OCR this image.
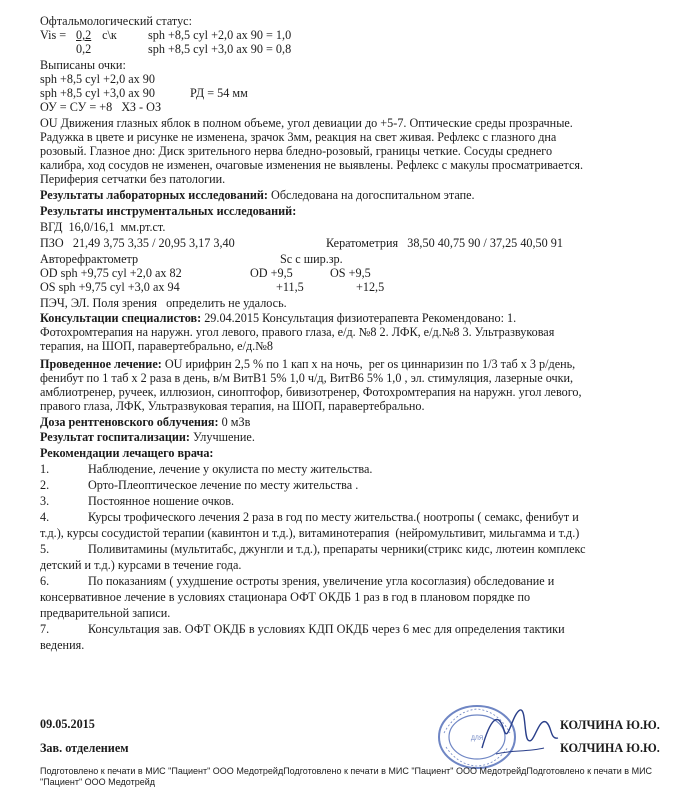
Офтальмологический статус:
Vis = 0,2 с\к	sph +8,5 cyl +2,0 ax 90 = 1,0
0,2	sph +8,5 cyl +3,0 ax 90 = 0,8
Выписаны очки:
sph +8,5 cyl +2,0 ax 90
sph +8,5 cyl +3,0 ax 90	РД = 54 мм
ОУ = СУ = +8   ХЗ - ОЗ
OU Движения глазных яблок в полном объеме, угол девиации до +5-7. Оптические среды прозрачные.
Радужка в цвете и рисунке не изменена, зрачок 3мм, реакция на свет живая. Рефлекс с глазного дна
розовый. Глазное дно: Диск зрительного нерва бледно-розовый, границы четкие. Сосуды среднего
калибра, ход сосудов не изменен, очаговые изменения не выявлены. Рефлекс с макулы просматривается.
Периферия сетчатки без патологии.
Результаты лабораторных исследований: Обследована на догоспитальном этапе.
Результаты инструментальных исследований:
ВГД  16,0/16,1  мм.рт.ст.
ПЗО   21,49 3,75 3,35 / 20,95 3,17 3,40	Кератометрия   38,50 40,75 90 / 37,25 40,50 91
Авторефрактометр	Sc с шир.зр.
OD sph +9,75 cyl +2,0 ax 82	OD +9,5	OS +9,5
OS sph +9,75 cyl +3,0 ax 94	+11,5	+12,5
ПЭЧ, ЭЛ. Поля зрения   определить не удалось.
Консультации специалистов: 29.04.2015 Консультация физиотерапевта Рекомендовано: 1.
Фотохромтерапия на наружн. угол левого, правого глаза, е/д. №8 2. ЛФК, е/д.№8 3. Ультразвуковая
терапия, на ШОП, паравертебрально, е/д.№8
Проведенное лечение: OU ирифрин 2,5 % по 1 кап х на ночь,  per os циннаризин по 1/3 таб х 3 р/день,
фенибут по 1 таб х 2 раза в день, в/м ВитВ1 5% 1,0 ч/д, ВитВ6 5% 1,0 , эл. стимуляция, лазерные очки,
амблиотренер, ручеек, иллюзион, синоптофор, бивизотренер, Фотохромтерапия на наружн. угол левого,
правого глаза, ЛФК, Ультразвуковая терапия, на ШОП, паравертебрально.
Доза рентгеновского облучения: 0 мЗв
Результат госпитализации: Улучшение.
Рекомендации лечащего врача:
1.	Наблюдение, лечение у окулиста по месту жительства.
2.	Орто-Плеоптическое лечение по месту жительства .
3.	Постоянное ношение очков.
4.	Курсы трофического лечения 2 раза в год по месту жительства.( ноотропы ( семакс, фенибут и
т.д.), курсы сосудистой терапии (кавинтон и т.д.), витаминотерапия  (нейромультивит, мильгамма и т.д.)
5.	Поливитамины (мультитабс, джунгли и т.д.), препараты черники(стрикс кидс, лютеин комплекс
детский и т.д.) курсами в течение года.
6.	По показаниям ( ухудшение остроты зрения, увеличение угла косоглазия) обследование и
консервативное лечение в условиях стационара ОФТ ОКДБ 1 раз в год в плановом порядке по
предварительной записи.
7.	Консультация зав. ОФТ ОКДБ в условиях КДП ОКДБ через 6 мес для определения тактики
ведения.
09.05.2015
Зав. отделением
ДЛЯ
КОЛЧИНА Ю.Ю.
КОЛЧИНА Ю.Ю.
Подготовлено к печати в МИС "Пациент" ООО МедотрейдПодготовлено к печати в МИС "Пациент" ООО МедотрейдПодготовлено к печати в МИС
"Пациент" ООО Медотрейд
